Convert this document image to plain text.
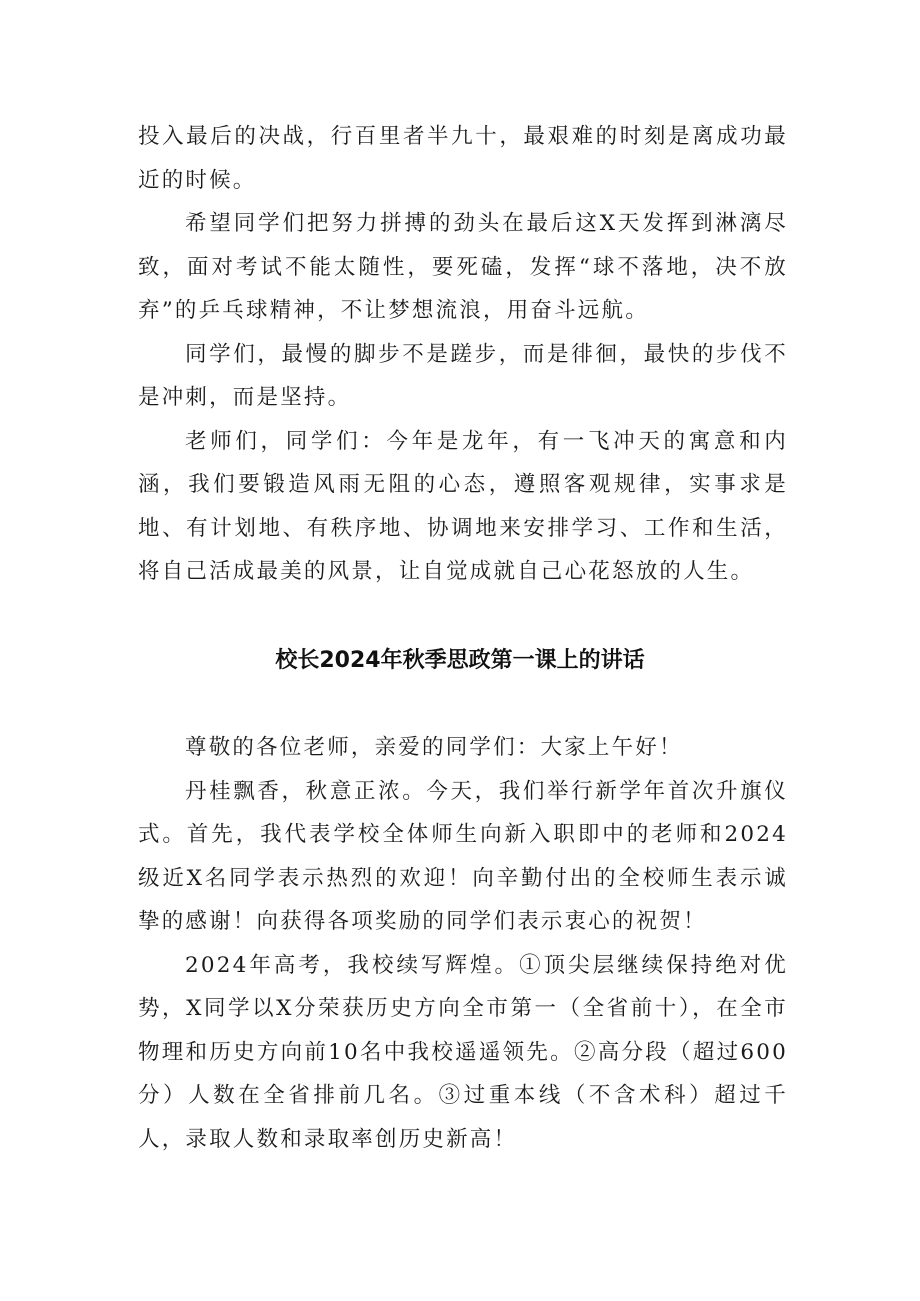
投入最后的决战，行百里者半九十，最艰难的时刻是离成功最近的时候。

希望同学们把努力拼搏的劲头在最后这X天发挥到淋漓尽致，面对考试不能太随性，要死磕，发挥“球不落地，决不放弃”的乒乓球精神，不让梦想流浪，用奋斗远航。

同学们，最慢的脚步不是蹉步，而是徘徊，最快的步伐不是冲刺，而是坚持。

老师们，同学们：今年是龙年，有一飞冲天的寓意和内涵，我们要锻造风雨无阻的心态，遵照客观规律，实事求是地、有计划地、有秩序地、协调地来安排学习、工作和生活，将自己活成最美的风景，让自觉成就自己心花怒放的人生。

校长2024年秋季思政第一课上的讲话

尊敬的各位老师，亲爱的同学们：大家上午好！

丹桂飘香，秋意正浓。今天，我们举行新学年首次升旗仪式。首先，我代表学校全体师生向新入职即中的老师和2024级近X名同学表示热烈的欢迎！向辛勤付出的全校师生表示诚挚的感谢！向获得各项奖励的同学们表示衷心的祝贺！

2024年高考，我校续写辉煌。①顶尖层继续保持绝对优势，X同学以X分荣获历史方向全市第一（全省前十），在全市物理和历史方向前10名中我校遥遥领先。②高分段（超过600分）人数在全省排前几名。③过重本线（不含术科）超过千人，录取人数和录取率创历史新高！
